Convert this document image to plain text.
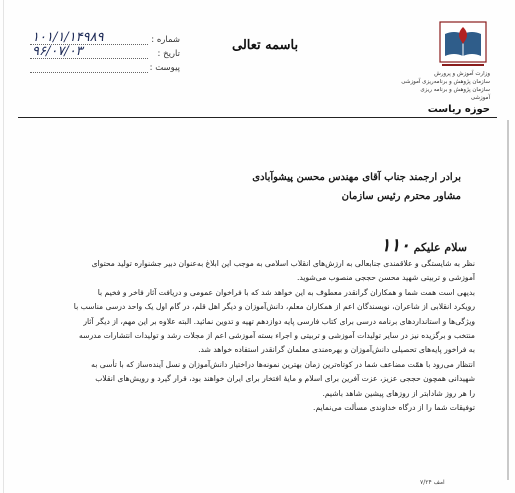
شماره :
۱۰۱/۱/۱۴۹۸۹
تاریخ :
۹۶/۰۷/۰۳
پیوست :
باسمه تعالی
وزارت آموزش و پرورش
سازمان پژوهش و برنامه‌ریزی آموزشی
سازمان پژوهش و برنامه ریزی آموزشی
حوزه ریاست
برادر ارجمند جناب آقای مهندس محسن پیشوآبادی
مشاور محترم رئیس سازمان
سلام علیکم ۱۱۰

نظر به شایستگی و علاقمندی جنابعالی به ارزش‌های انقلاب اسلامی به موجب این ابلاغ به‌عنوان دبیر جشنواره تولید محتوای

آموزشی و تربیتی شهید محسن حججی منصوب می‌شوید.

بدیهی است همت شما و همکاران گرانقدر معطوف به این خواهد شد که با فراخوان عمومی و دریافت آثار فاخر و فخیم با

رویکرد انقلابی از شاعران، نویسندگان اعم از همکاران معلم، دانش‌آموزان و دیگر اهل قلم، در گام اول یک واحد درسی مناسب با

ویژگی‌ها و استانداردهای برنامه درسی برای کتاب فارسی پایه دوازدهم تهیه و تدوین نمائید. البته علاوه بر این مهم، از دیگر آثار

منتخب و برگزیده نیز در سایر تولیدات آموزشی و تربیتی و اجراء بسته آموزشی اعم از مجلات رشد و تولیدات انتشارات مدرسه

به فراخور پایه‌های تحصیلی دانش‌آموزان و بهره‌مندی معلمان گرانقدر استفاده خواهد شد.

انتظار می‌رود با همّت مضاعف شما در کوتاه‌ترین زمان بهترین نمونه‌ها در‌اختیار دانش‌آموزان و نسل آینده‌ساز که با تأسی به

شهیدانی همچون حججی عزیز، عزت آفرین برای اسلام و مایهٔ افتخار برای ایران خواهند بود، قرار گیرد و رویش‌های انقلاب

را هر روز شادابتر از روزهای پیشین شاهد باشیم.

توفیقات شما را از درگاه خداوندی مسألت می‌نمایم.

امف ۷/۲۴
